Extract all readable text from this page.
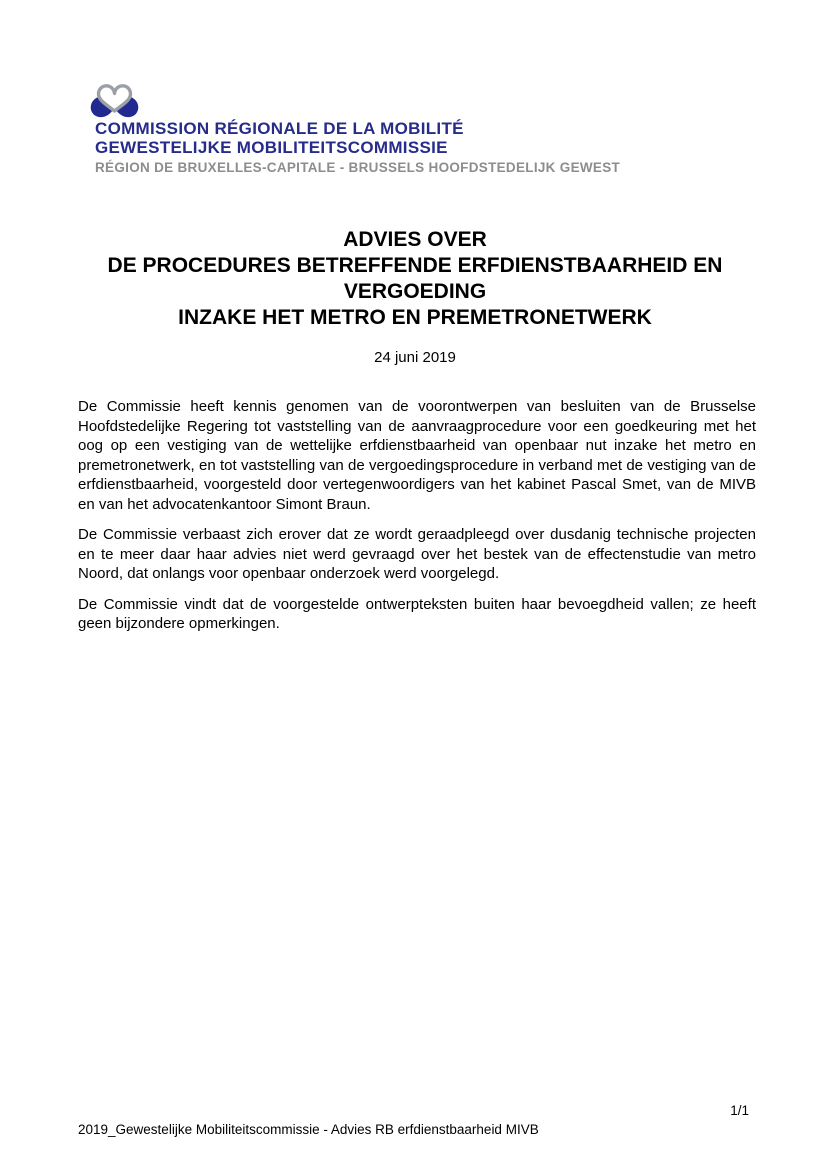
COMMISSION RÉGIONALE DE LA MOBILITÉ
GEWESTELIJKE MOBILITEITSCOMMISSIE
RÉGION DE BRUXELLES-CAPITALE - BRUSSELS HOOFDSTEDELIJK GEWEST
ADVIES OVER
DE PROCEDURES BETREFFENDE ERFDIENSTBAARHEID EN
VERGOEDING
INZAKE HET METRO EN PREMETRONETWERK
24 juni 2019

De Commissie heeft kennis genomen van de voorontwerpen van besluiten van de Brusselse Hoofdstedelijke Regering tot vaststelling van de aanvraagprocedure voor een goedkeuring met het oog op een vestiging van de wettelijke erfdienstbaarheid van openbaar nut inzake het metro en premetronetwerk, en tot vaststelling van de vergoedingsprocedure in verband met de vestiging van de erfdienstbaarheid, voorgesteld door vertegenwoordigers van het kabinet Pascal Smet, van de MIVB en van het advocatenkantoor Simont Braun.

De Commissie verbaast zich erover dat ze wordt geraadpleegd over dusdanig technische projecten en te meer daar haar advies niet werd gevraagd over het bestek van de effectenstudie van metro Noord, dat onlangs voor openbaar onderzoek werd voorgelegd.

De Commissie vindt dat de voorgestelde ontwerpteksten buiten haar bevoegdheid vallen; ze heeft geen bijzondere opmerkingen.

1/1
2019_Gewestelijke Mobiliteitscommissie - Advies RB erfdienstbaarheid MIVB
